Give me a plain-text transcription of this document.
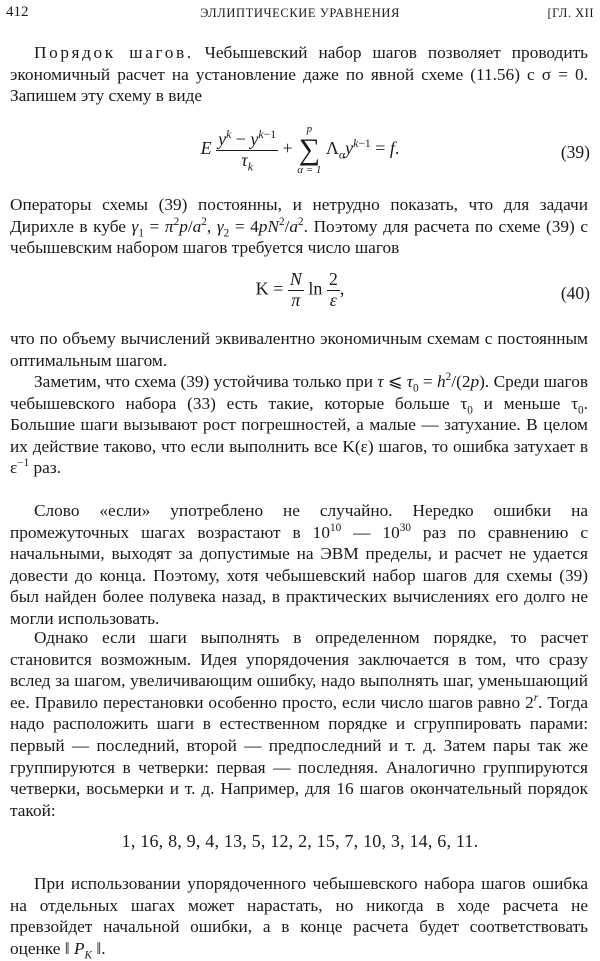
412	ЭЛЛИПТИЧЕСКИЕ УРАВНЕНИЯ	[ГЛ. XII

Порядок шагов. Чебышевский набор шагов позволяет проводить экономичный расчет на установление даже по явной схеме (11.56) с σ = 0. Запишем эту схему в виде

E $\frac{y^k - y^{k-1}}{\tau_k}$ +
p
∑
α = 1
$\Lambda_\alpha y^{k-1} = f$.	(39)

Операторы схемы (39) постоянны, и нетрудно показать, что для задачи Дирихле в кубе $\gamma_1 = \pi^2p/a^2$, $\gamma_2 = 4pN^2/a^2$. Поэтому для расчета по схеме (39) с чебышевским набором шагов требуется число шагов

$K = \frac{N}{\pi}$ $\ln \frac{2}{\varepsilon}$ ,	(40)

что по объему вычислений эквивалентно экономичным схемам с постоянным оптимальным шагом.

Заметим, что схема (39) устойчива только при τ ⩽ $\tau_0 = h^2/(2p)$. Среди шагов чебышевского набора (33) есть такие, которые больше $\tau_0$ и меньше $\tau_0$. Большие шаги вызывают рост погрешностей, а малые — затухание. В целом их действие таково, что если выполнить все K(ε) шагов, то ошибка затухает в $\varepsilon^{-1}$ раз.

Слово «если» употреблено не случайно. Нередко ошибки на промежуточных шагах возрастают в $10^{10}$ — $10^{30}$ раз по сравнению с начальными, выходят за допустимые на ЭВМ пределы, и расчет не удается довести до конца. Поэтому, хотя чебышевский набор шагов для схемы (39) был найден более полувека назад, в практических вычислениях его долго не могли использовать.

Однако если шаги выполнять в определенном порядке, то расчет становится возможным. Идея упорядочения заключается в том, что сразу вслед за шагом, увеличивающим ошибку, надо выполнять шаг, уменьшающий ее. Правило перестановки особенно просто, если число шагов равно 2$^r$. Тогда надо расположить шаги в естественном порядке и сгруппировать парами: первый — последний, второй — предпоследний и т. д. Затем пары так же группируются в четверки: первая — последняя. Аналогично группируются четверки, восьмерки и т. д. Например, для 16 шагов окончательный порядок такой:

1, 16, 8, 9, 4, 13, 5, 12, 2, 15, 7, 10, 3, 14, 6, 11.

При использовании упорядоченного чебышевского набора шагов ошибка на отдельных шагах может нарастать, но никогда в ходе расчета не превзойдет начальной ошибки, а в конце расчета будет соответствовать оценке ‖ $P_K$ ‖.
